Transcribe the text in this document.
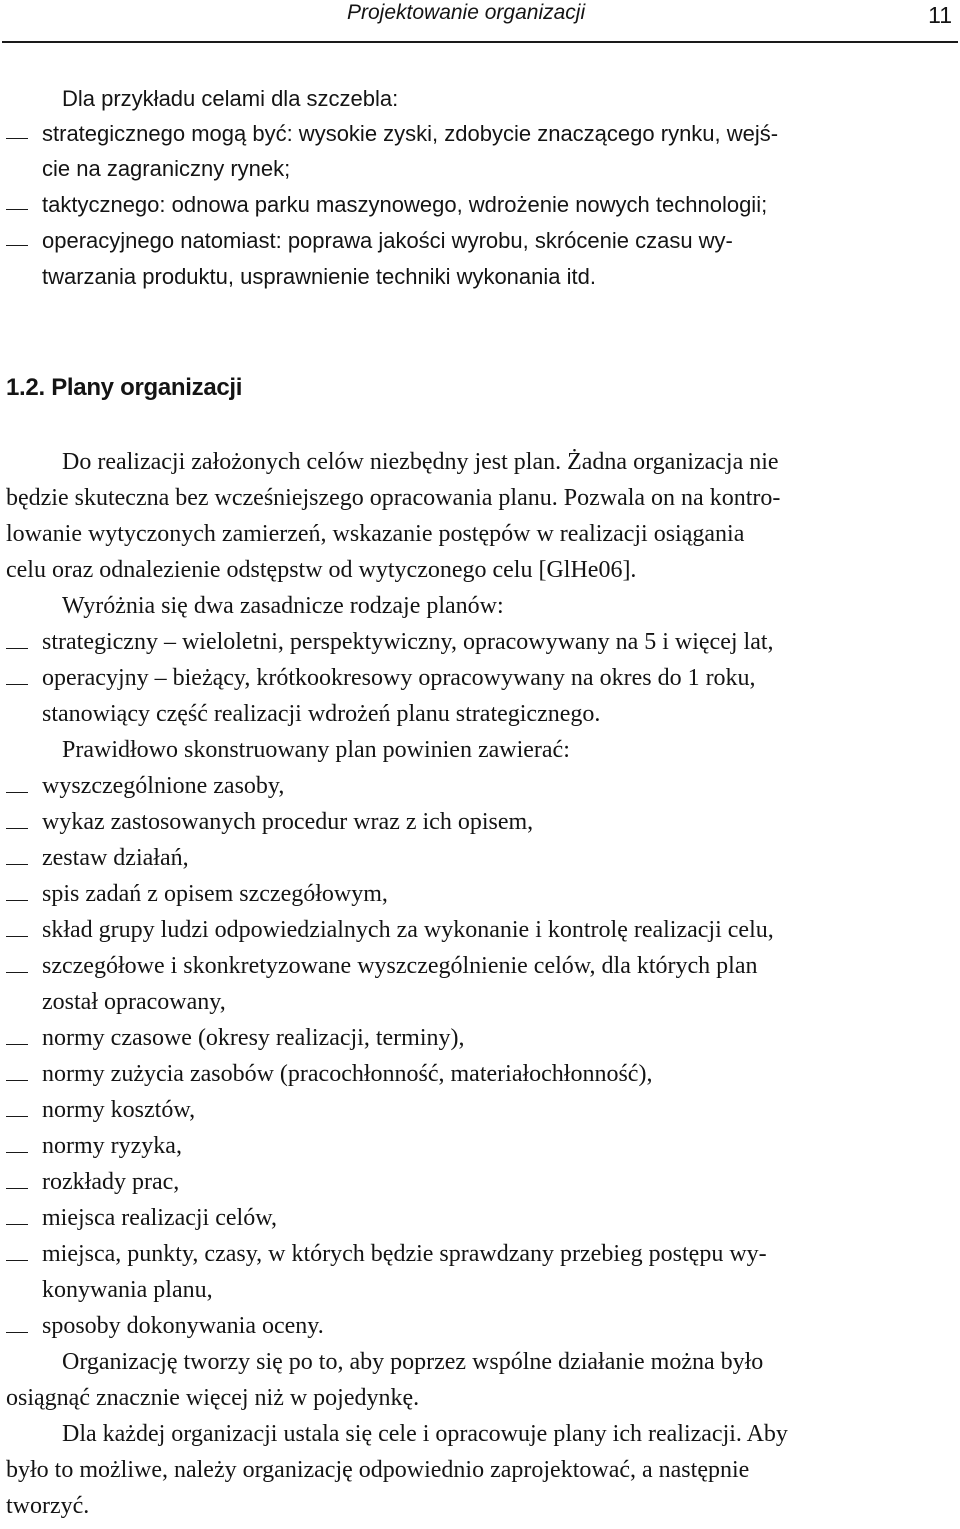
Projektowanie organizacji	11
Dla przykładu celami dla szczebla:
strategicznego mogą być: wysokie zyski, zdobycie znaczącego rynku, wejś-
cie na zagraniczny rynek;
taktycznego: odnowa parku maszynowego, wdrożenie nowych technologii;
operacyjnego natomiast: poprawa jakości wyrobu, skrócenie czasu wy-
twarzania produktu, usprawnienie techniki wykonania itd.
1.2. Plany organizacji
Do realizacji założonych celów niezbędny jest plan. Żadna organizacja nie
będzie skuteczna bez wcześniejszego opracowania planu. Pozwala on na kontro-
lowanie wytyczonych zamierzeń, wskazanie postępów w realizacji osiągania
celu oraz odnalezienie odstępstw od wytyczonego celu [GlHe06].
Wyróżnia się dwa zasadnicze rodzaje planów:
strategiczny – wieloletni, perspektywiczny, opracowywany na 5 i więcej lat,
operacyjny – bieżący, krótkookresowy opracowywany na okres do 1 roku,
stanowiący część realizacji wdrożeń planu strategicznego.
Prawidłowo skonstruowany plan powinien zawierać:
wyszczególnione zasoby,
wykaz zastosowanych procedur wraz z ich opisem,
zestaw działań,
spis zadań z opisem szczegółowym,
skład grupy ludzi odpowiedzialnych za wykonanie i kontrolę realizacji celu,
szczegółowe i skonkretyzowane wyszczególnienie celów, dla których plan
został opracowany,
normy czasowe (okresy realizacji, terminy),
normy zużycia zasobów (pracochłonność, materiałochłonność),
normy kosztów,
normy ryzyka,
rozkłady prac,
miejsca realizacji celów,
miejsca, punkty, czasy, w których będzie sprawdzany przebieg postępu wy-
konywania planu,
sposoby dokonywania oceny.
Organizację tworzy się po to, aby poprzez wspólne działanie można było
osiągnąć znacznie więcej niż w pojedynkę.
Dla każdej organizacji ustala się cele i opracowuje plany ich realizacji. Aby
było to możliwe, należy organizację odpowiednio zaprojektować, a następnie
tworzyć.
